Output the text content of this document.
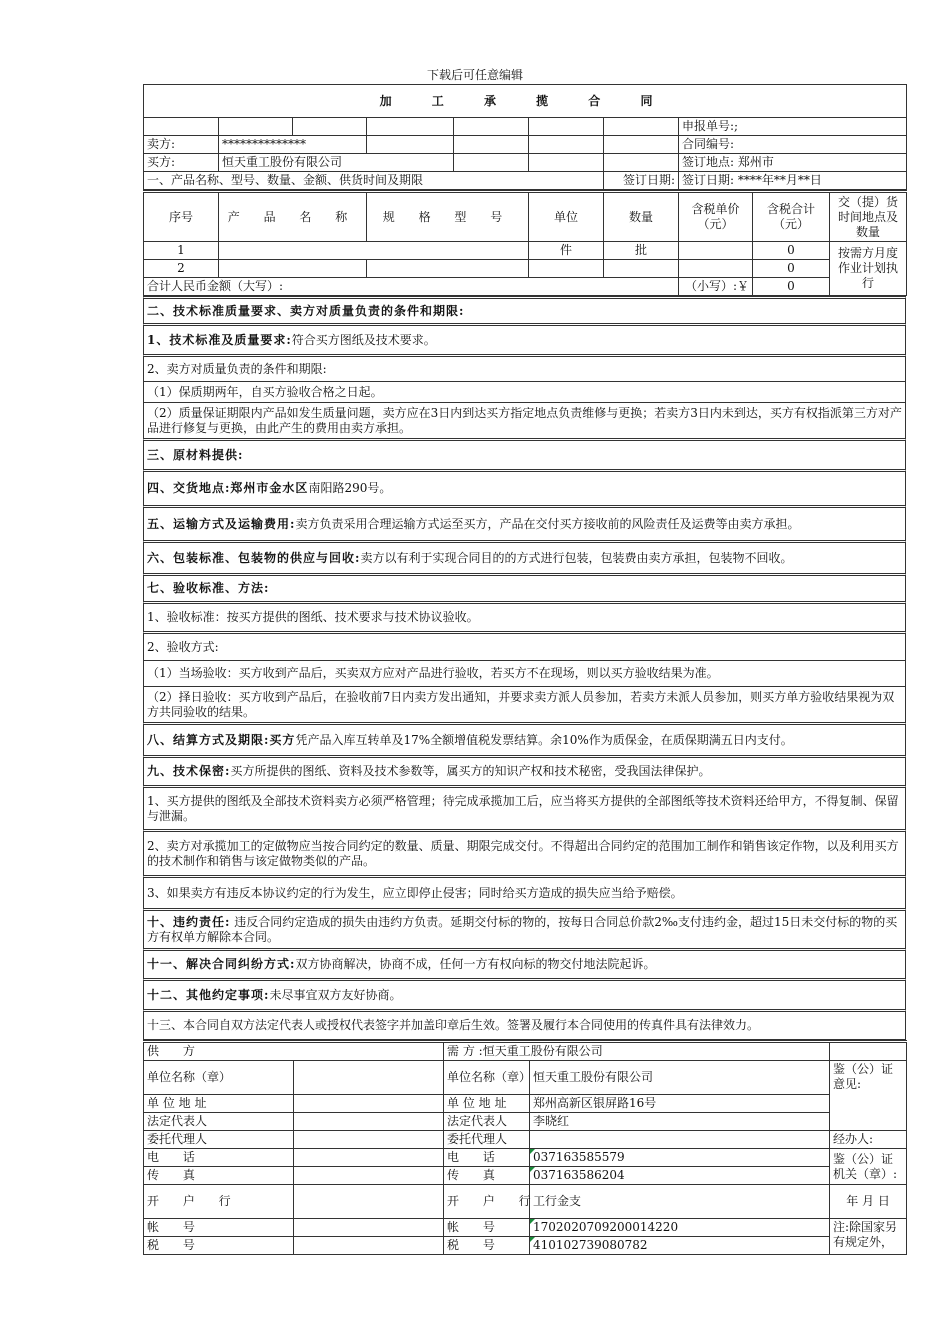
下载后可任意编辑
加 工 承 揽 合 同							
							申报单号:;
卖方:	**************						合同编号:
买方:	恒天重工股份有限公司						签订地点: 郑州市
一、产品名称、型号、数量、金额、供货时间及期限						签订日期:	签订日期: ****年**月**日
序号	产 品 名 称	规 格 型 号	单位	数量	含税单价（元）	含税合计（元）	交（提）货时间地点及数量
1			件	批		0	按需方月度作业计划执行
2						0	
合计人民币金额（大写）:					（小写）:￥	0	
二、技术标准质量要求、卖方对质量负责的条件和期限:
1、技术标准及质量要求: 符合买方图纸及技术要求。
2、卖方对质量负责的条件和期限:
（1）保质期两年，自买方验收合格之日起。
（2）质量保证期限内产品如发生质量问题，卖方应在3日内到达买方指定地点负责维修与更换；若卖方3日内未到达，买方有权指派第三方对产品进行修复与更换，由此产生的费用由卖方承担。
三、原材料提供:
四、交货地点:郑州市金水区 南阳路290号。
五、运输方式及运输费用: 卖方负责采用合理运输方式运至买方，产品在交付买方接收前的风险责任及运费等由卖方承担。
六、包装标准、包装物的供应与回收: 卖方以有利于实现合同目的的方式进行包装，包装费由卖方承担，包装物不回收。
七、验收标准、方法:
1、验收标准：按买方提供的图纸、技术要求与技术协议验收。
2、验收方式:
（1）当场验收：买方收到产品后，买卖双方应对产品进行验收，若买方不在现场，则以买方验收结果为准。
（2）择日验收：买方收到产品后，在验收前7日内卖方发出通知，并要求卖方派人员参加，若卖方未派人员参加，则买方单方验收结果视为双方共同验收的结果。
八、结算方式及期限:买方 凭产品入库互转单及17%全额增值税发票结算。余10%作为质保金，在质保期满五日内支付。
九、技术保密: 买方所提供的图纸、资料及技术参数等，属买方的知识产权和技术秘密，受我国法律保护。
1、买方提供的图纸及全部技术资料卖方必须严格管理；待完成承揽加工后，应当将买方提供的全部图纸等技术资料还给甲方，不得复制、保留与泄漏。
2、卖方对承揽加工的定做物应当按合同约定的数量、质量、期限完成交付。不得超出合同约定的范围加工制作和销售该定作物，以及利用买方的技术制作和销售与该定做物类似的产品。
3、如果卖方有违反本协议约定的行为发生，应立即停止侵害；同时给买方造成的损失应当给予赔偿。
十、违约责任: 违反合同约定造成的损失由违约方负责。延期交付标的物的，按每日合同总价款2‰支付违约金，超过15日未交付标的物的买方有权单方解除本合同。
十一、解决合同纠纷方式: 双方协商解决，协商不成，任何一方有权向标的物交付地法院起诉。
十二、其他约定事项: 未尽事宜双方友好协商。
十三、本合同自双方法定代表人或授权代表签字并加盖印章后生效。签署及履行本合同使用的传真件具有法律效力。
供 方		需 方 :恒天重工股份有限公司		
单位名称（章）		单位名称（章）	恒天重工股份有限公司	鉴（公）证意见:
单 位 地 址		单 位 地 址	郑州高新区银屏路16号	
法定代表人		法定代表人	李晓红	
委托代理人		委托代理人		经办人:
电 话		电 话	037163585579	鉴（公）证机关（章）:
传 真		传 真	037163586204	
开 户 行		开 户 行	工行金支	年 月 日
帐 号		帐 号	1702020709200014220	注:除国家另有规定外，
税 号		税 号	410102739080782	
